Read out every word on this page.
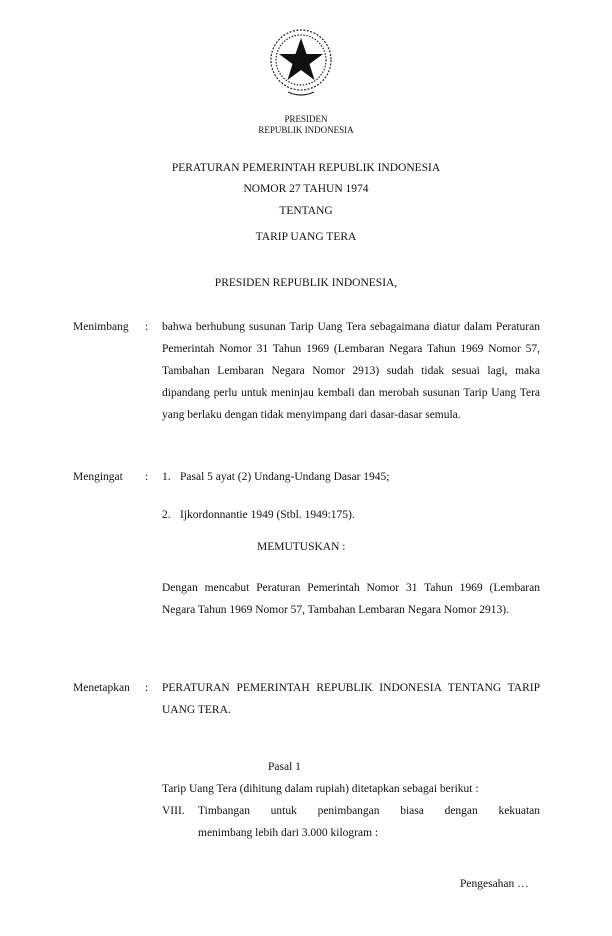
PRESIDEN
REPUBLIK INDONESIA
PERATURAN PEMERINTAH REPUBLIK INDONESIA
NOMOR 27 TAHUN 1974
TENTANG
TARIP UANG TERA
PRESIDEN REPUBLIK INDONESIA,
Menimbang : bahwa berhubung susunan Tarip Uang Tera sebagaimana diatur dalam Peraturan Pemerintah Nomor 31 Tahun 1969 (Lembaran Negara Tahun 1969 Nomor 57, Tambahan Lembaran Negara Nomor 2913) sudah tidak sesuai lagi, maka dipandang perlu untuk meninjau kembali dan merobah susunan Tarip Uang Tera yang berlaku dengan tidak menyimpang dari dasar-dasar semula.
Mengingat : 1. Pasal 5 ayat (2) Undang-Undang Dasar 1945;
2. Ijkordonnantie 1949 (Stbl. 1949:175).
MEMUTUSKAN :
Dengan mencabut Peraturan Pemerintah Nomor 31 Tahun 1969 (Lembaran Negara Tahun 1969 Nomor 57, Tambahan Lembaran Negara Nomor 2913).
Menetapkan : PERATURAN PEMERINTAH REPUBLIK INDONESIA TENTANG TARIP UANG TERA.
Pasal 1
Tarip Uang Tera (dihitung dalam rupiah) ditetapkan sebagai berikut :
VIII. Timbangan untuk penimbangan biasa dengan kekuatan
menimbang lebih dari 3.000 kilogram :
Pengesahan …
